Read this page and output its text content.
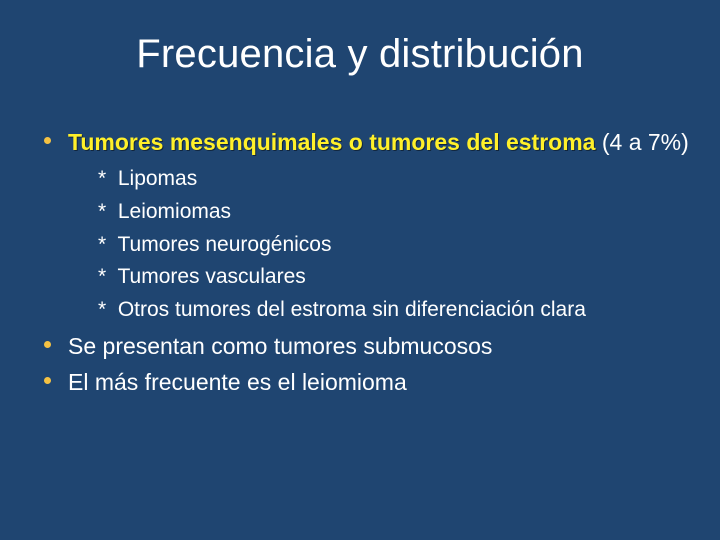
Frecuencia y distribución
Tumores mesenquimales o tumores del estroma (4 a 7%)
* Lipomas
* Leiomiomas
* Tumores neurogénicos
* Tumores vasculares
* Otros tumores del estroma sin diferenciación clara
Se presentan como tumores submucosos
El más frecuente es el leiomioma
